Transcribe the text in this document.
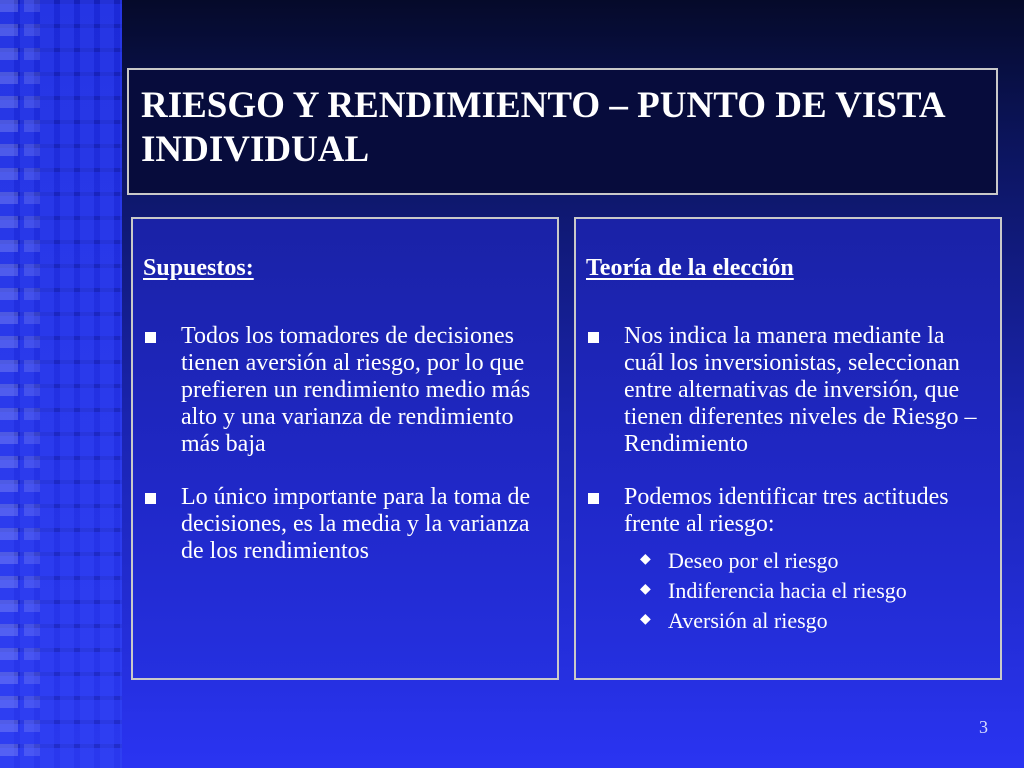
RIESGO Y RENDIMIENTO – PUNTO DE VISTA INDIVIDUAL
Supuestos:
Todos los tomadores de decisiones tienen aversión al riesgo, por lo que prefieren un rendimiento medio más alto y una varianza de rendimiento más baja
Lo único importante para la toma de decisiones, es la media y la varianza de los rendimientos
Teoría de la elección
Nos indica la manera mediante la cuál los inversionistas, seleccionan entre alternativas de inversión, que tienen diferentes niveles de Riesgo – Rendimiento
Podemos identificar tres actitudes frente al riesgo:
◆ Deseo por el riesgo
◆ Indiferencia hacia el riesgo
◆ Aversión al riesgo
3
